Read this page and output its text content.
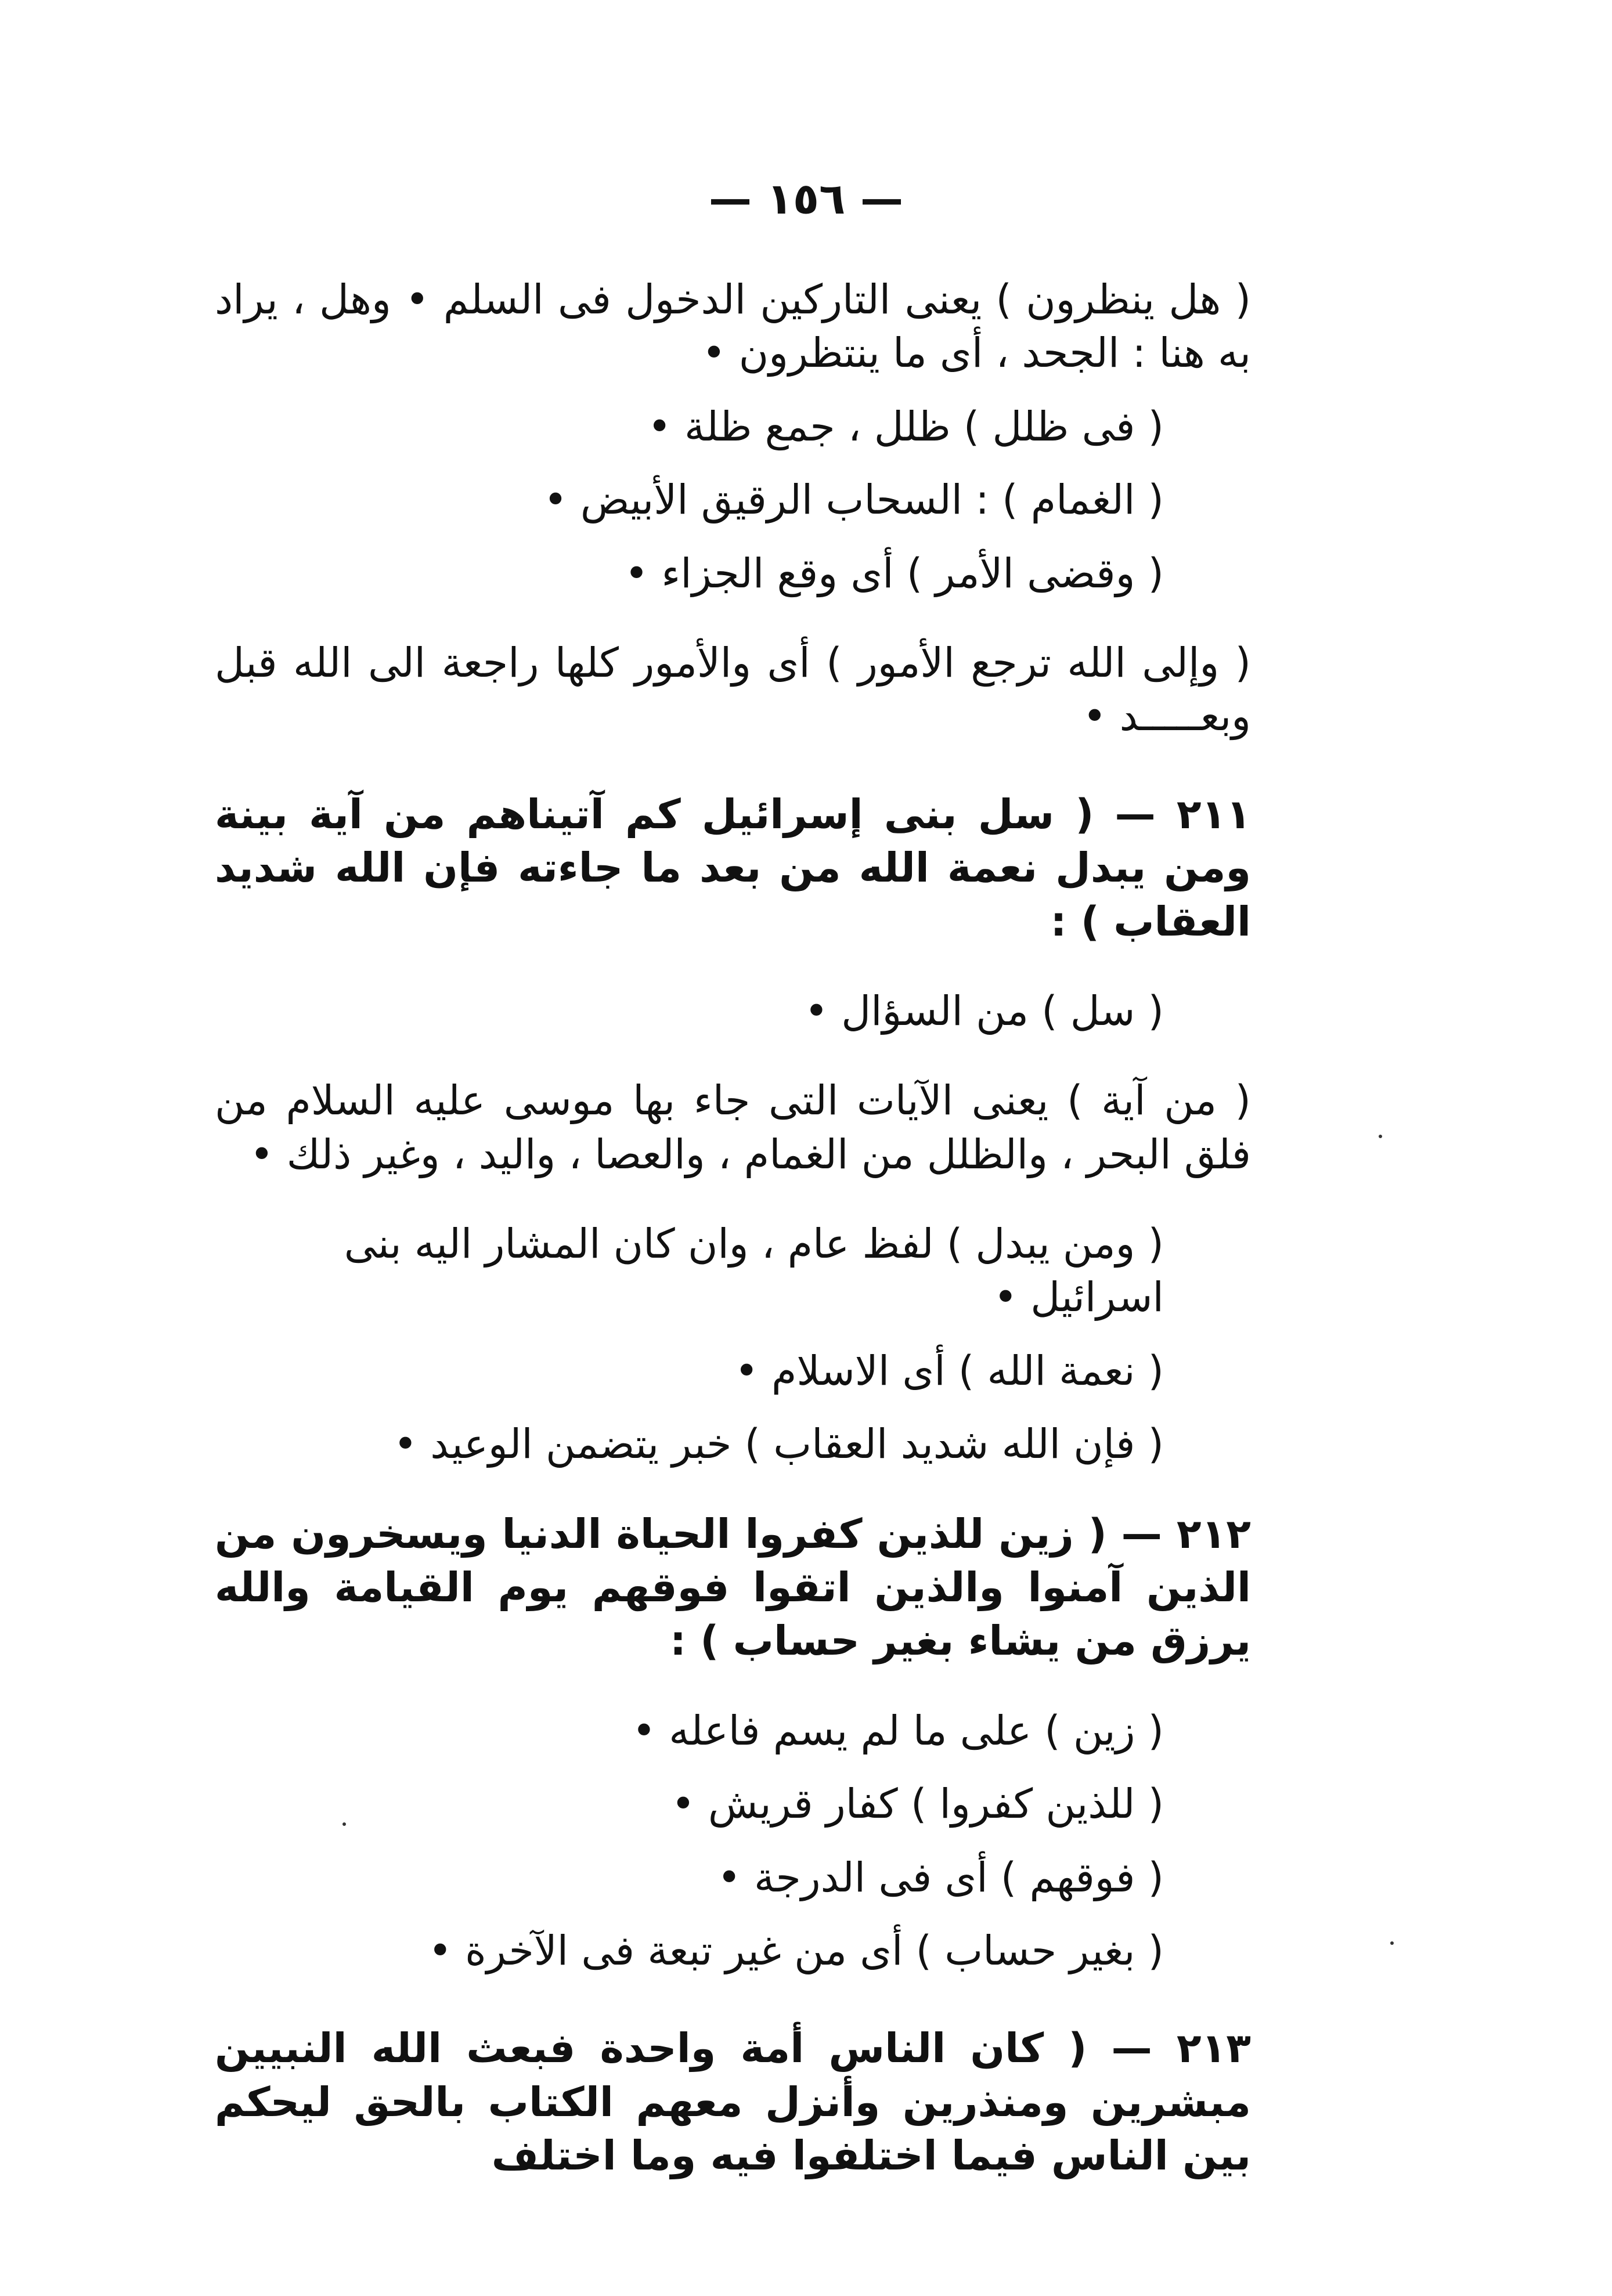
— ١٥٦ —

( هل ينظرون ) يعنى التاركين الدخول فى السلم • وهل ، يراد به هنا : الجحد ، أى ما ينتظرون •

( فى ظلل ) ظلل ، جمع ظلة •

( الغمام ) : السحاب الرقيق الأبيض •

( وقضى الأمر ) أى وقع الجزاء •

( وإلى الله ترجع الأمور ) أى والأمور كلها راجعة الى الله قبل وبعـــــد •

٢١١ — ( سل بنى إسرائيل كم آتيناهم من آية بينة ومن يبدل نعمة الله من بعد ما جاءته فإن الله شديد العقاب ) :

( سل ) من السؤال •

( من آية ) يعنى الآيات التى جاء بها موسى عليه السلام من فلق البحر ، والظلل من الغمام ، والعصا ، واليد ، وغير ذلك •

( ومن يبدل ) لفظ عام ، وان كان المشار اليه بنى اسرائيل •

( نعمة الله ) أى الاسلام •

( فإن الله شديد العقاب ) خبر يتضمن الوعيد •

٢١٢ — ( زين للذين كفروا الحياة الدنيا ويسخرون من الذين آمنوا والذين اتقوا فوقهم يوم القيامة والله يرزق من يشاء بغير حساب ) :

( زين ) على ما لم يسم فاعله •

( للذين كفروا ) كفار قريش •

( فوقهم ) أى فى الدرجة •

( بغير حساب ) أى من غير تبعة فى الآخرة •

٢١٣ — ( كان الناس أمة واحدة فبعث الله النبيين مبشرين ومنذرين وأنزل معهم الكتاب بالحق ليحكم بين الناس فيما اختلفوا فيه وما اختلف
